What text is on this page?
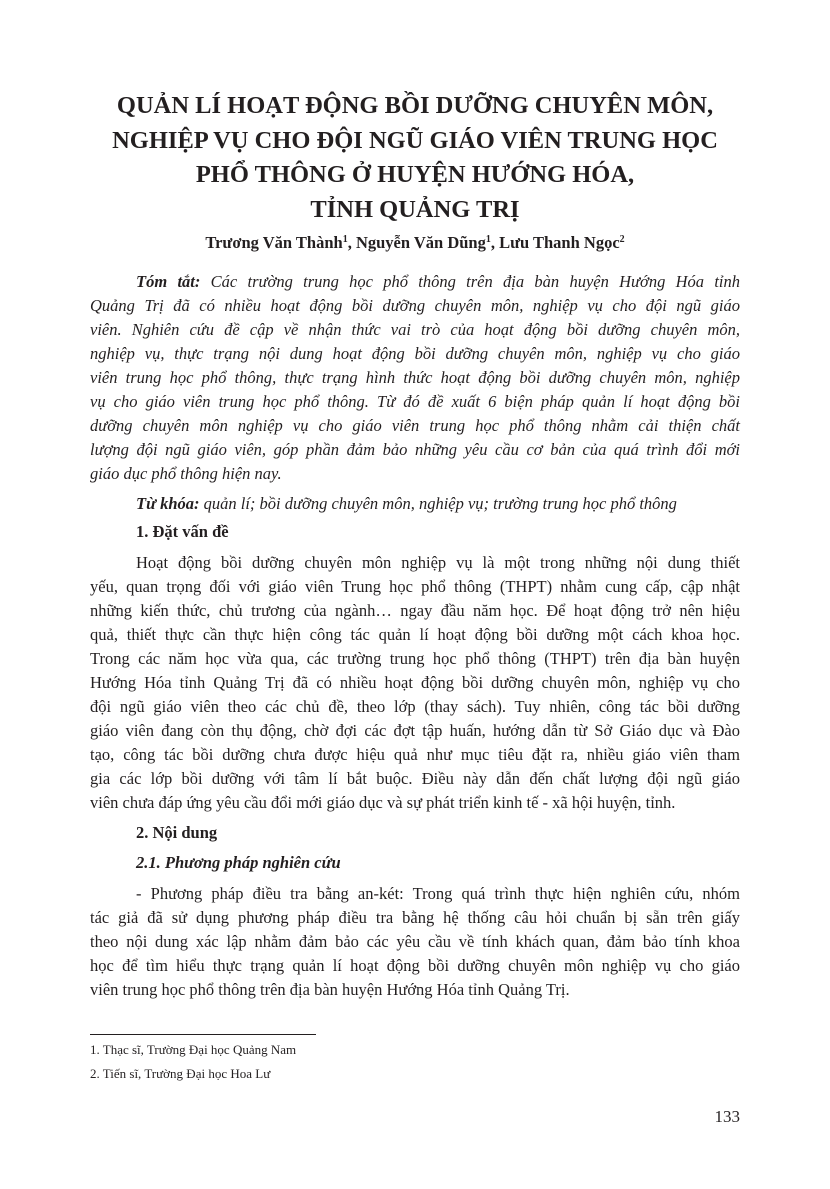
QUẢN LÍ HOẠT ĐỘNG BỒI DƯỠNG CHUYÊN MÔN,
NGHIỆP VỤ CHO ĐỘI NGŨ GIÁO VIÊN TRUNG HỌC
PHỔ THÔNG Ở HUYỆN HƯỚNG HÓA,
TỈNH QUẢNG TRỊ
Trương Văn Thành$^1$, Nguyễn Văn Dũng$^1$, Lưu Thanh Ngọc$^2$
Tóm tắt: Các trường trung học phổ thông trên địa bàn huyện Hướng Hóa tỉnh
Quảng Trị đã có nhiều hoạt động bồi dưỡng chuyên môn, nghiệp vụ cho đội ngũ giáo
viên. Nghiên cứu đề cập về nhận thức vai trò của hoạt động bồi dưỡng chuyên môn,
nghiệp vụ, thực trạng nội dung hoạt động bồi dưỡng chuyên môn, nghiệp vụ cho giáo
viên trung học phổ thông, thực trạng hình thức hoạt động bồi dưỡng chuyên môn, nghiệp
vụ cho giáo viên trung học phổ thông. Từ đó đề xuất 6 biện pháp quản lí hoạt động bồi
dưỡng chuyên môn nghiệp vụ cho giáo viên trung học phổ thông nhằm cải thiện chất
lượng đội ngũ giáo viên, góp phần đảm bảo những yêu cầu cơ bản của quá trình đổi mới
giáo dục phổ thông hiện nay.
Từ khóa: quản lí; bồi dưỡng chuyên môn, nghiệp vụ; trường trung học phổ thông
1. Đặt vấn đề
Hoạt động bồi dưỡng chuyên môn nghiệp vụ là một trong những nội dung thiết
yếu, quan trọng đối với giáo viên Trung học phổ thông (THPT) nhằm cung cấp, cập nhật
những kiến thức, chủ trương của ngành… ngay đầu năm học. Để hoạt động trở nên hiệu
quả, thiết thực cần thực hiện công tác quản lí hoạt động bồi dưỡng một cách khoa học.
Trong các năm học vừa qua, các trường trung học phổ thông (THPT) trên địa bàn huyện
Hướng Hóa tỉnh Quảng Trị đã có nhiều hoạt động bồi dưỡng chuyên môn, nghiệp vụ cho
đội ngũ giáo viên theo các chủ đề, theo lớp (thay sách). Tuy nhiên, công tác bồi dưỡng
giáo viên đang còn thụ động, chờ đợi các đợt tập huấn, hướng dẫn từ Sở Giáo dục và Đào
tạo, công tác bồi dưỡng chưa được hiệu quả như mục tiêu đặt ra, nhiều giáo viên tham
gia các lớp bồi dưỡng với tâm lí bắt buộc. Điều này dẫn đến chất lượng đội ngũ giáo
viên chưa đáp ứng yêu cầu đổi mới giáo dục và sự phát triển kinh tế - xã hội huyện, tỉnh.
2. Nội dung
2.1. Phương pháp nghiên cứu
- Phương pháp điều tra bằng an-két: Trong quá trình thực hiện nghiên cứu, nhóm
tác giả đã sử dụng phương pháp điều tra bằng hệ thống câu hỏi chuẩn bị sẵn trên giấy
theo nội dung xác lập nhằm đảm bảo các yêu cầu về tính khách quan, đảm bảo tính khoa
học để tìm hiểu thực trạng quản lí hoạt động bồi dưỡng chuyên môn nghiệp vụ cho giáo
viên trung học phổ thông trên địa bàn huyện Hướng Hóa tỉnh Quảng Trị.
1. Thạc sĩ, Trường Đại học Quảng Nam
2. Tiến sĩ, Trường Đại học Hoa Lư
133
